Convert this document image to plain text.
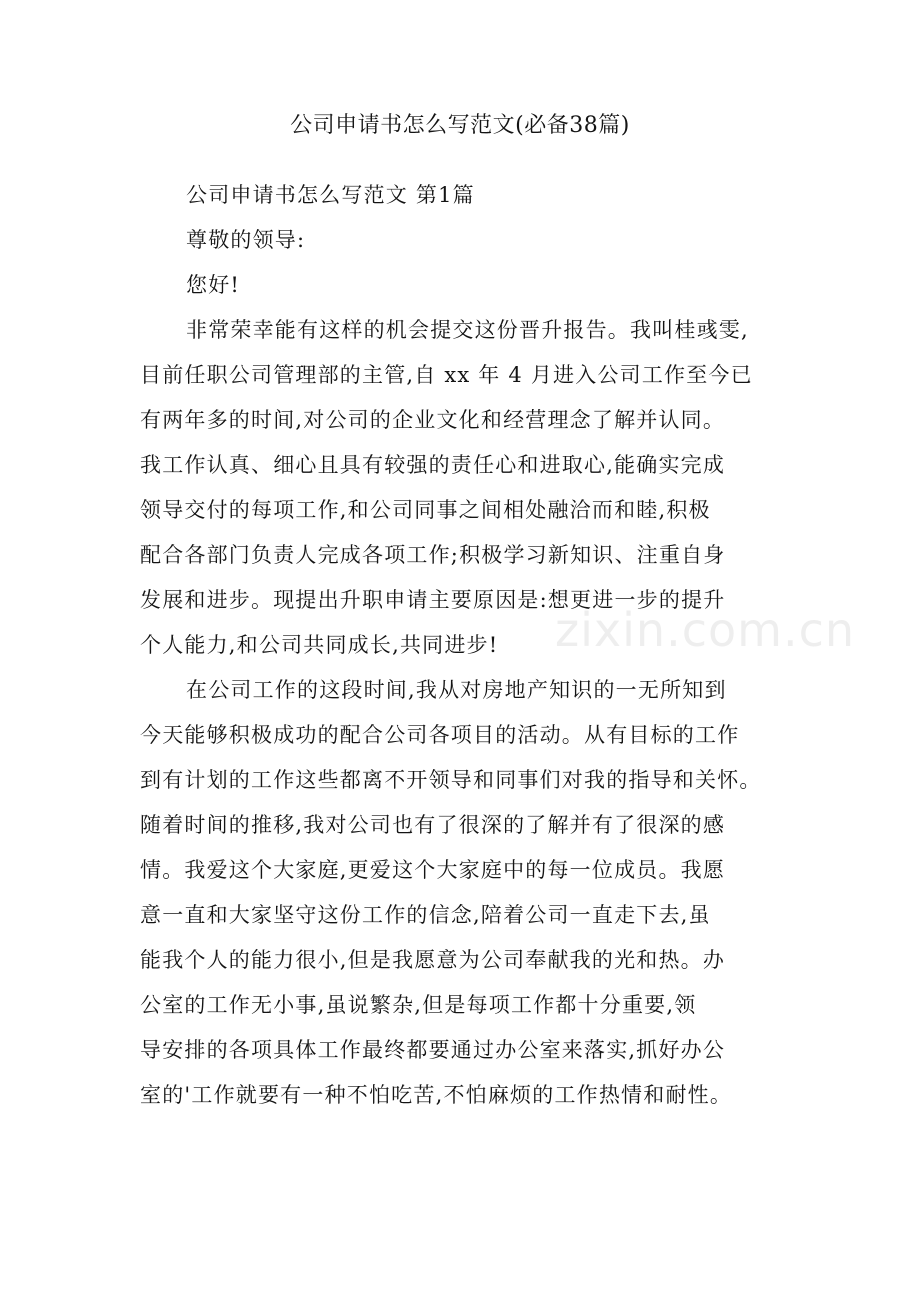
公司申请书怎么写范文(必备38篇)
公司申请书怎么写范文 第1篇
尊敬的领导:
您好!
非常荣幸能有这样的机会提交这份晋升报告。我叫桂彧雯,
目前任职公司管理部的主管,自 xx 年 4 月进入公司工作至今已
有两年多的时间,对公司的企业文化和经营理念了解并认同。
我工作认真、细心且具有较强的责任心和进取心,能确实完成
领导交付的每项工作,和公司同事之间相处融洽而和睦,积极
配合各部门负责人完成各项工作;积极学习新知识、注重自身
发展和进步。现提出升职申请主要原因是:想更进一步的提升
个人能力,和公司共同成长,共同进步!
在公司工作的这段时间,我从对房地产知识的一无所知到
今天能够积极成功的配合公司各项目的活动。从有目标的工作
到有计划的工作这些都离不开领导和同事们对我的指导和关怀。
随着时间的推移,我对公司也有了很深的了解并有了很深的感
情。我爱这个大家庭,更爱这个大家庭中的每一位成员。我愿
意一直和大家坚守这份工作的信念,陪着公司一直走下去,虽
能我个人的能力很小,但是我愿意为公司奉献我的光和热。办
公室的工作无小事,虽说繁杂,但是每项工作都十分重要,领
导安排的各项具体工作最终都要通过办公室来落实,抓好办公
室的'工作就要有一种不怕吃苦,不怕麻烦的工作热情和耐性。
zixin.com.cn
